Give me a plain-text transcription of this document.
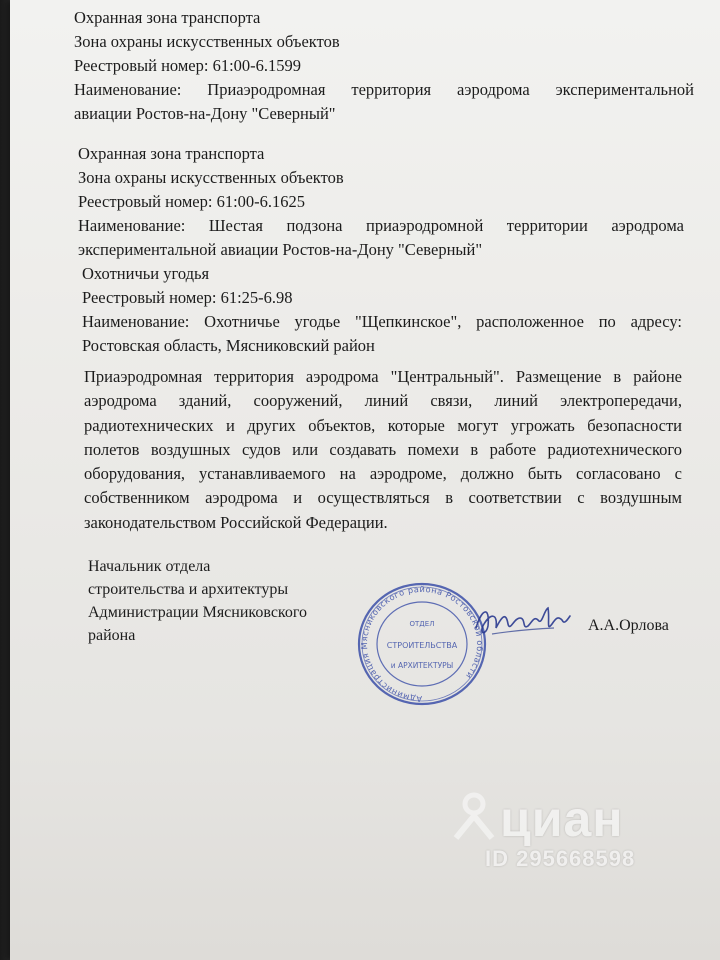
Охранная зона транспорта
Зона охраны искусственных объектов
Реестровый номер: 61:00-6.1599
Наименование: Приаэродромная территория аэродрома экспериментальной
авиации Ростов-на-Дону "Северный"
Охранная зона транспорта
Зона охраны искусственных объектов
Реестровый номер: 61:00-6.1625
Наименование: Шестая подзона приаэродромной территории аэродрома
экспериментальной авиации Ростов-на-Дону "Северный"
Охотничьи угодья
Реестровый номер: 61:25-6.98
Наименование: Охотничье угодье "Щепкинское", расположенное по адресу:
Ростовская область, Мясниковский район
Приаэродромная территория аэродрома "Центральный". Размещение в районе
аэродрома зданий, сооружений, линий связи, линий электропередачи,
радиотехнических и других объектов, которые могут угрожать безопасности
полетов воздушных судов или создавать помехи в работе радиотехнического
оборудования, устанавливаемого на аэродроме, должно быть согласовано с
собственником аэродрома и осуществляться в соответствии с воздушным
законодательством Российской Федерации.
Начальник отдела
строительства и архитектуры
Администрации Мясниковского
района
Администрация Мясниковского района Ростовской области
ОТДЕЛ
СТРОИТЕЛЬСТВА
и АРХИТЕКТУРЫ
А.А.Орлова
циан
ID 295668598
